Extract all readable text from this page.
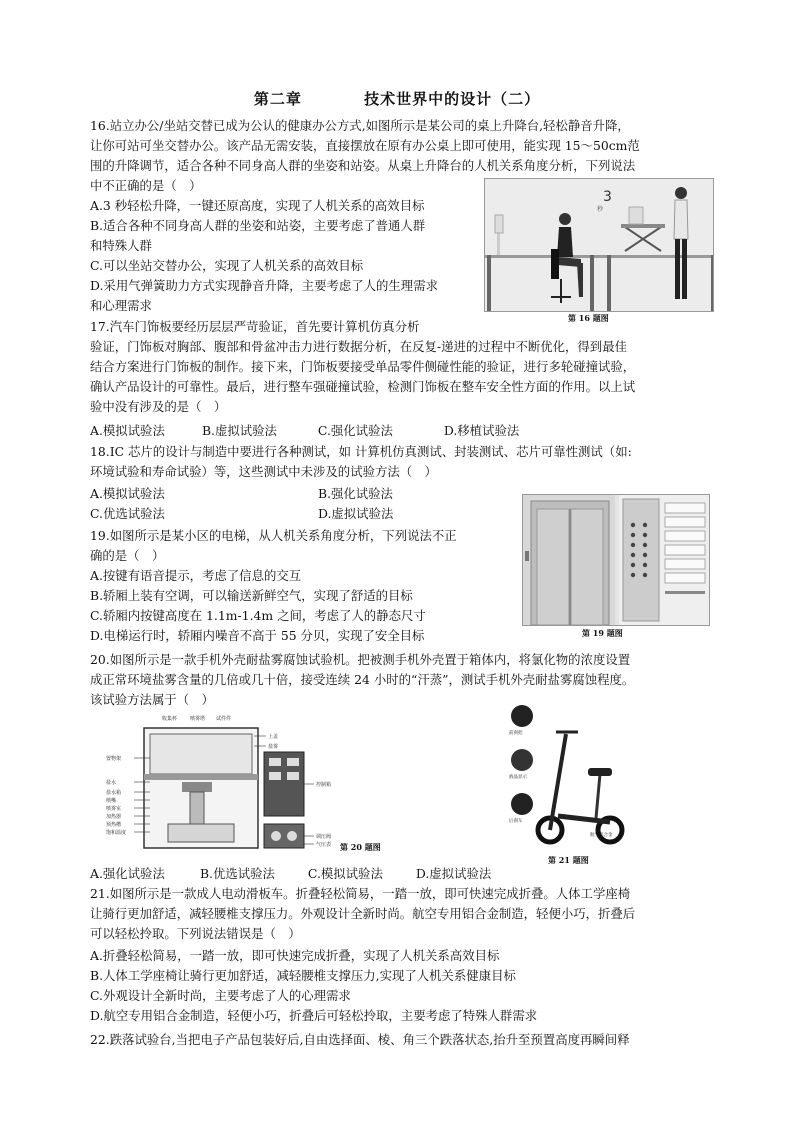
第二章	技术世界中的设计（二）
16.站立办公/坐站交替已成为公认的健康办公方式,如图所示是某公司的桌上升降台,轻松静音升降，
让你可站可坐交替办公。该产品无需安装，直接摆放在原有办公桌上即可使用，能实现 15～50cm范
围的升降调节，适合各种不同身高人群的坐姿和站姿。从桌上升降台的人机关系角度分析，下列说法
中不正确的是（　）
A.3 秒轻松升降，一键还原高度，实现了人机关系的高效目标
B.适合各种不同身高人群的坐姿和站姿，主要考虑了普通人群
和特殊人群
C.可以坐站交替办公，实现了人机关系的高效目标
D.采用气弹簧助力方式实现静音升降，主要考虑了人的生理需求
和心理需求
3
秒
第 16 题图
17.汽车门饰板要经历层层严苛验证，首先要计算机仿真分析
验证，门饰板对胸部、腹部和骨盆冲击力进行数据分析，在反复-递进的过程中不断优化，得到最佳
结合方案进行门饰板的制作。接下来，门饰板要接受单品零件侧碰性能的验证，进行多轮碰撞试验，
确认产品设计的可靠性。最后，进行整车强碰撞试验，检测门饰板在整车安全性方面的作用。以上试
验中没有涉及的是（　）
A.模拟试验法	B.虚拟试验法	C.强化试验法	D.移植试验法
18.IC 芯片的设计与制造中要进行各种测试，如 计算机仿真测试、封装测试、芯片可靠性测试（如:
环境试验和寿命试验）等，这些测试中未涉及的试验方法（　）
A.模拟试验法	B.强化试验法
C.优选试验法	D.虚拟试验法
19.如图所示是某小区的电梯，从人机关系角度分析，下列说法不正
确的是（　）
A.按键有语音提示，考虑了信息的交互
B.轿厢上装有空调，可以输送新鲜空气，实现了舒适的目标
C.轿厢内按键高度在 1.1m-1.4m 之间，考虑了人的静态尺寸
D.电梯运行时，轿厢内噪音不高于 55 分贝，实现了安全目标	第 19 题图
20.如图所示是一款手机外壳耐盐雾腐蚀试验机。把被测手机外壳置于箱体内，将氯化物的浓度设置
成正常环境盐雾含量的几倍或几十倍，接受连续 24 小时的“汗蒸”，测试手机外壳耐盐雾腐蚀程度。
该试验方法属于（　）
收集杯	喷雾塔 试件件
上盖
盐雾
控制箱
调压阀
气压表
置物架
盐水
盐水箱
喷嘴
喷雾室
加热器
预热槽
饱和温度
第 20 题图
前刹把
液晶显示
后刹车
航空铝合金
第 21 题图
A.强化试验法	B.优选试验法	C.模拟试验法	D.虚拟试验法
21.如图所示是一款成人电动滑板车。折叠轻松简易，一踏一放，即可快速完成折叠。人体工学座椅
让骑行更加舒适，减轻腰椎支撑压力。外观设计全新时尚。航空专用铝合金制造，轻便小巧，折叠后
可以轻松拎取。下列说法错误是（　）
A.折叠轻松简易，一踏一放，即可快速完成折叠，实现了人机关系高效目标
B.人体工学座椅让骑行更加舒适，减轻腰椎支撑压力,实现了人机关系健康目标
C.外观设计全新时尚，主要考虑了人的心理需求
D.航空专用铝合金制造，轻便小巧，折叠后可轻松拎取，主要考虑了特殊人群需求
22.跌落试验台,当把电子产品包装好后,自由选择面、棱、角三个跌落状态,抬升至预置高度再瞬间释
